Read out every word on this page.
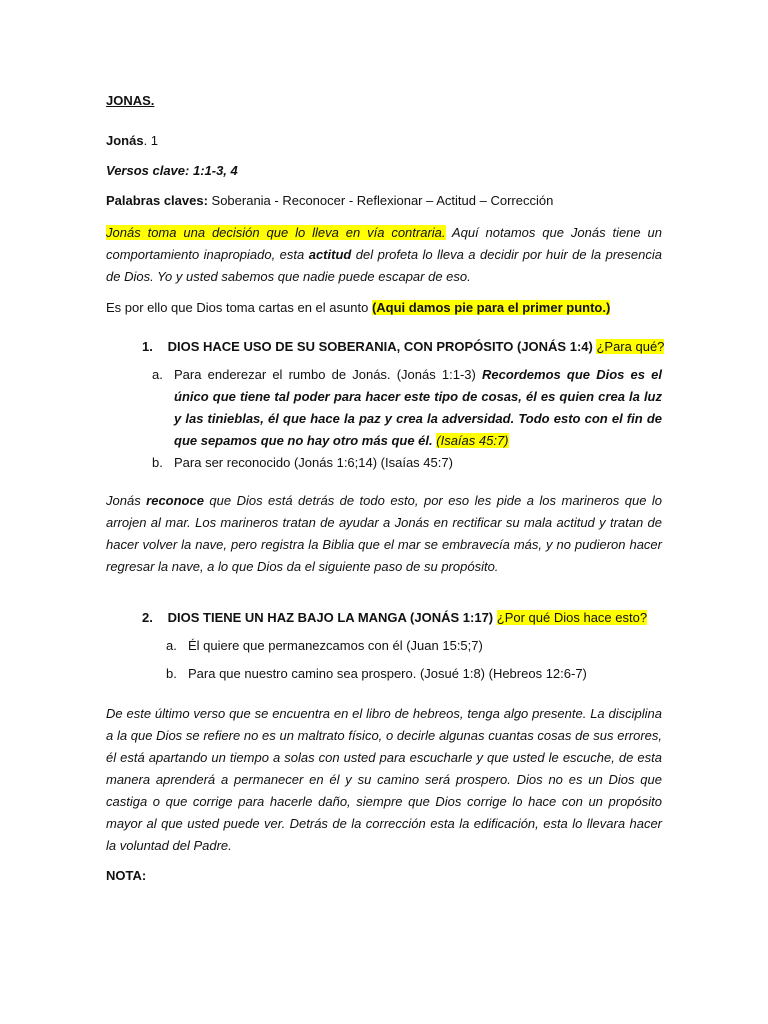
JONAS.
Jonás. 1
Versos clave: 1:1-3, 4
Palabras claves: Soberania - Reconocer - Reflexionar – Actitud – Corrección
Jonás toma una decisión que lo lleva en vía contraria. Aquí notamos que Jonás tiene un comportamiento inapropiado, esta actitud del profeta lo lleva a decidir por huir de la presencia de Dios. Yo y usted sabemos que nadie puede escapar de eso.
Es por ello que Dios toma cartas en el asunto (Aqui damos pie para el primer punto.)
1. DIOS HACE USO DE SU SOBERANIA, CON PROPÓSITO (JONÁS 1:4) ¿Para qué?
a. Para enderezar el rumbo de Jonás. (Jonás 1:1-3) Recordemos que Dios es el único que tiene tal poder para hacer este tipo de cosas, él es quien crea la luz y las tinieblas, él que hace la paz y crea la adversidad. Todo esto con el fin de que sepamos que no hay otro más que él. (Isaías 45:7)
b. Para ser reconocido (Jonás 1:6;14) (Isaías 45:7)
Jonás reconoce que Dios está detrás de todo esto, por eso les pide a los marineros que lo arrojen al mar. Los marineros tratan de ayudar a Jonás en rectificar su mala actitud y tratan de hacer volver la nave, pero registra la Biblia que el mar se embravecía más, y no pudieron hacer regresar la nave, a lo que Dios da el siguiente paso de su propósito.
2. DIOS TIENE UN HAZ BAJO LA MANGA (JONÁS 1:17) ¿Por qué Dios hace esto?
a. Él quiere que permanezcamos con él (Juan 15:5;7)
b. Para que nuestro camino sea prospero. (Josué 1:8) (Hebreos 12:6-7)
De este último verso que se encuentra en el libro de hebreos, tenga algo presente. La disciplina a la que Dios se refiere no es un maltrato físico, o decirle algunas cuantas cosas de sus errores, él está apartando un tiempo a solas con usted para escucharle y que usted le escuche, de esta manera aprenderá a permanecer en él y su camino será prospero. Dios no es un Dios que castiga o que corrige para hacerle daño, siempre que Dios corrige lo hace con un propósito mayor al que usted puede ver. Detrás de la corrección esta la edificación, esta lo llevara hacer la voluntad del Padre.
NOTA:
